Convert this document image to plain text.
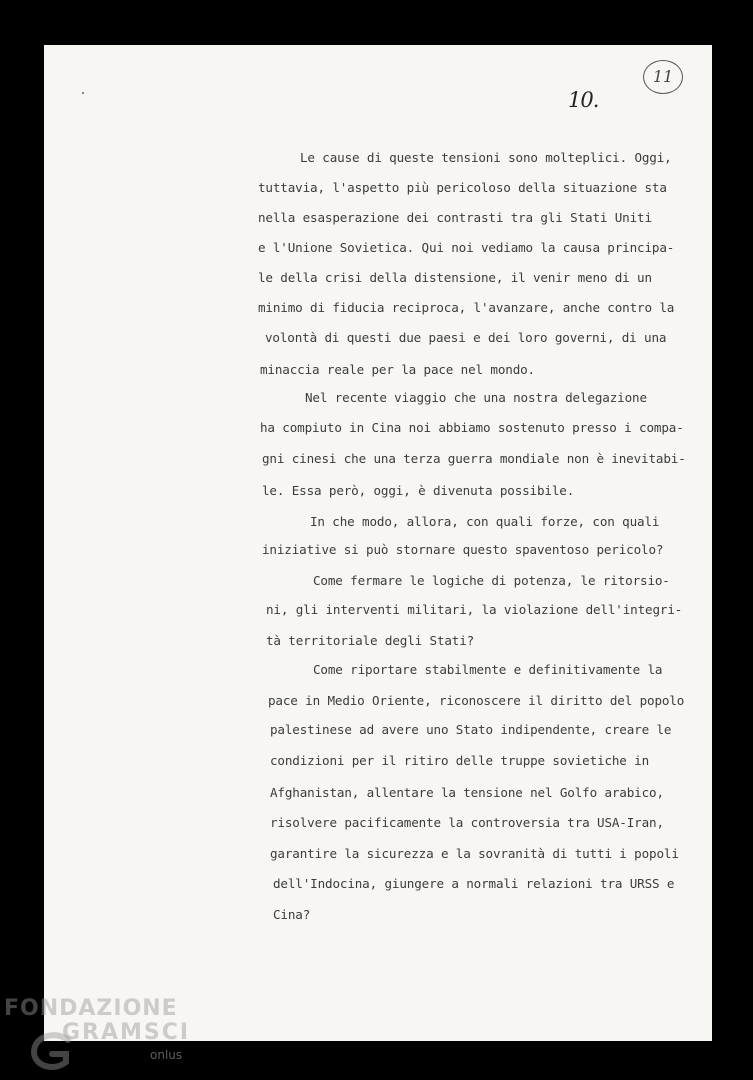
10.
11
Le cause di queste tensioni sono molteplici. Oggi,
tuttavia, l'aspetto più pericoloso della situazione sta
nella esasperazione dei contrasti tra gli Stati Uniti
e l'Unione Sovietica. Qui noi vediamo la causa principa-
le della crisi della distensione, il venir meno di un
minimo di fiducia reciproca, l'avanzare, anche contro la
volontà di questi due paesi e dei loro governi, di una
minaccia reale per la pace nel mondo.
Nel recente viaggio che una nostra delegazione
ha compiuto in Cina noi abbiamo sostenuto presso i compa-
gni cinesi che una terza guerra mondiale non è inevitabi-
le. Essa però, oggi, è divenuta possibile.
In che modo, allora, con quali forze, con quali
iniziative si può stornare questo spaventoso pericolo?
Come fermare le logiche di potenza, le ritorsio-
ni, gli interventi militari, la violazione dell'integri-
tà territoriale degli Stati?
Come riportare stabilmente e definitivamente la
pace in Medio Oriente, riconoscere il diritto del popolo
palestinese ad avere uno Stato indipendente, creare le
condizioni per il ritiro delle truppe sovietiche in
Afghanistan, allentare la tensione nel Golfo arabico,
risolvere pacificamente la controversia tra USA-Iran,
garantire la sicurezza e la sovranità di tutti i popoli
dell'Indocina, giungere a normali relazioni tra URSS e
Cina?
FONDAZIONE
GRAMSCI
onlus
